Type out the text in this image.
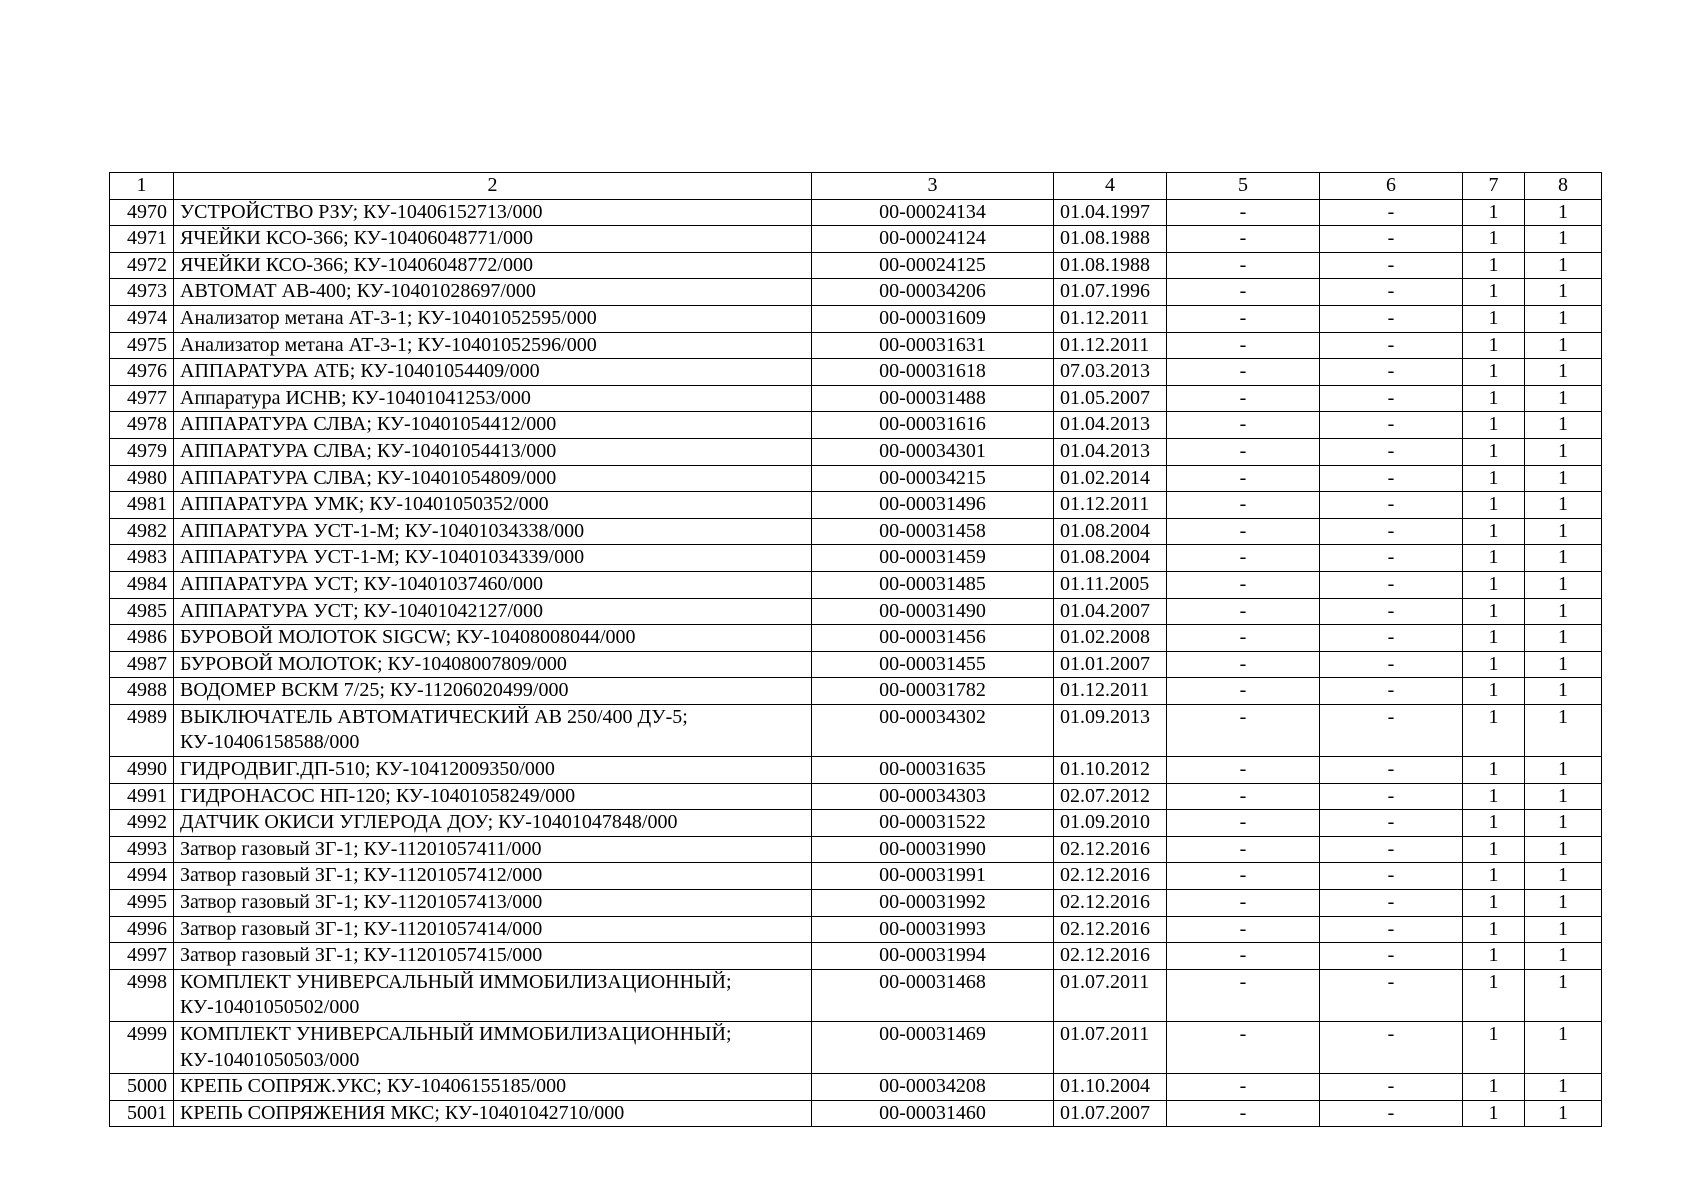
1	2	3	4	5	6	7	8
4970	УСТРОЙСТВО РЗУ; КУ-10406152713/000	00-00024134	01.04.1997	-	-	1	1
4971	ЯЧЕЙКИ КСО-366; КУ-10406048771/000	00-00024124	01.08.1988	-	-	1	1
4972	ЯЧЕЙКИ КСО-366; КУ-10406048772/000	00-00024125	01.08.1988	-	-	1	1
4973	АВТОМАТ АВ-400; КУ-10401028697/000	00-00034206	01.07.1996	-	-	1	1
4974	Анализатор метана АТ-3-1; КУ-10401052595/000	00-00031609	01.12.2011	-	-	1	1
4975	Анализатор метана АТ-3-1; КУ-10401052596/000	00-00031631	01.12.2011	-	-	1	1
4976	АППАРАТУРА АТБ; КУ-10401054409/000	00-00031618	07.03.2013	-	-	1	1
4977	Аппаратура ИСНВ; КУ-10401041253/000	00-00031488	01.05.2007	-	-	1	1
4978	АППАРАТУРА СЛВА; КУ-10401054412/000	00-00031616	01.04.2013	-	-	1	1
4979	АППАРАТУРА СЛВА; КУ-10401054413/000	00-00034301	01.04.2013	-	-	1	1
4980	АППАРАТУРА СЛВА; КУ-10401054809/000	00-00034215	01.02.2014	-	-	1	1
4981	АППАРАТУРА УМК; КУ-10401050352/000	00-00031496	01.12.2011	-	-	1	1
4982	АППАРАТУРА УСТ-1-М; КУ-10401034338/000	00-00031458	01.08.2004	-	-	1	1
4983	АППАРАТУРА УСТ-1-М; КУ-10401034339/000	00-00031459	01.08.2004	-	-	1	1
4984	АППАРАТУРА УСТ; КУ-10401037460/000	00-00031485	01.11.2005	-	-	1	1
4985	АППАРАТУРА УСТ; КУ-10401042127/000	00-00031490	01.04.2007	-	-	1	1
4986	БУРОВОЙ МОЛОТОК SIGCW; КУ-10408008044/000	00-00031456	01.02.2008	-	-	1	1
4987	БУРОВОЙ МОЛОТОК; КУ-10408007809/000	00-00031455	01.01.2007	-	-	1	1
4988	ВОДОМЕР ВСКМ 7/25; КУ-11206020499/000	00-00031782	01.12.2011	-	-	1	1
4989	ВЫКЛЮЧАТЕЛЬ АВТОМАТИЧЕСКИЙ АВ 250/400 ДУ-5; КУ-10406158588/000	00-00034302	01.09.2013	-	-	1	1
4990	ГИДРОДВИГ.ДП-510; КУ-10412009350/000	00-00031635	01.10.2012	-	-	1	1
4991	ГИДРОНАСОС НП-120; КУ-10401058249/000	00-00034303	02.07.2012	-	-	1	1
4992	ДАТЧИК ОКИСИ УГЛЕРОДА ДОУ; КУ-10401047848/000	00-00031522	01.09.2010	-	-	1	1
4993	Затвор газовый ЗГ-1; КУ-11201057411/000	00-00031990	02.12.2016	-	-	1	1
4994	Затвор газовый ЗГ-1; КУ-11201057412/000	00-00031991	02.12.2016	-	-	1	1
4995	Затвор газовый ЗГ-1; КУ-11201057413/000	00-00031992	02.12.2016	-	-	1	1
4996	Затвор газовый ЗГ-1; КУ-11201057414/000	00-00031993	02.12.2016	-	-	1	1
4997	Затвор газовый ЗГ-1; КУ-11201057415/000	00-00031994	02.12.2016	-	-	1	1
4998	КОМПЛЕКТ УНИВЕРСАЛЬНЫЙ ИММОБИЛИЗАЦИОННЫЙ; КУ-10401050502/000	00-00031468	01.07.2011	-	-	1	1
4999	КОМПЛЕКТ УНИВЕРСАЛЬНЫЙ ИММОБИЛИЗАЦИОННЫЙ; КУ-10401050503/000	00-00031469	01.07.2011	-	-	1	1
5000	КРЕПЬ СОПРЯЖ.УКС; КУ-10406155185/000	00-00034208	01.10.2004	-	-	1	1
5001	КРЕПЬ СОПРЯЖЕНИЯ МКС; КУ-10401042710/000	00-00031460	01.07.2007	-	-	1	1
